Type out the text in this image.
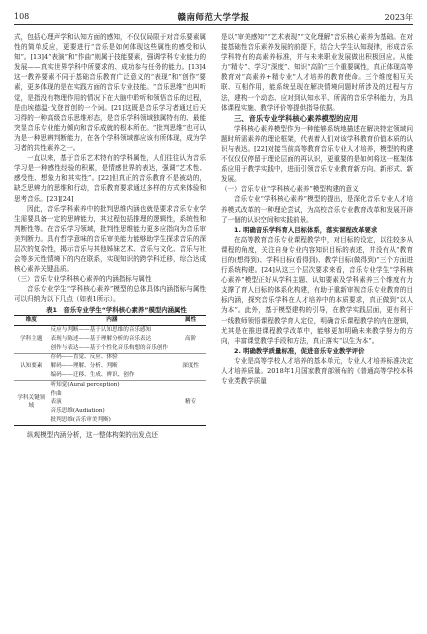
108	赣南师范大学学报	2023年

式，包括心理声学和认知方面的感知，不仅仅局限于对音乐要素属性的简单反应，更要进行“音乐是如何体现这些属性的感受和认知”。[13]4“表演”和“作曲”则属于技能要素，强调学科专业能力的发展——真实世界学科中所要求的、成功参与任务的能力。[13]4这一教养要素不同于基础音乐教育广泛意义的“表现”和“创作”要素，更多体现的是在实践方面的音乐专业技能。“音乐思维”也叫听觉，是指没有物理作用的情况下在大脑中聆听和领悟音乐的过程，是由埃德温·戈登首创的一个词。[21]这既是音乐学习者通过后天习得的一种高级音乐思维形态，是音乐学科领域独属特有的、最能突显音乐专业能力倾向和音乐成就的根本所在。“批判思维”也可认为是一种思辨判断能力，在各个学科领域都应该有所体现，成为学习者的共性素养之一。

一直以来，基于音乐艺术特有的学科属性，人们往往认为音乐学习是一种感性经验的积累，是情感世界的表达，强调“艺术性、感受性、想象力和其实性”。[22]但真正的音乐教育不是被动的，缺乏思辨力的思维和行动，音乐教育要求通过多样的方式来体验和思考音乐。[23][24]

因此，音乐学科素养中的批判思维内涵也就是要求音乐专业学生需要具备一定的思辨能力，其过程包括推理的逻辑性，系统性和判断性等。在音乐学习领域，批判性思维能力更多应指向为音乐审美判断力。具有哲学意味的音乐审美能力能够助学生探求音乐的深层次的复杂性，揭示音乐与其他姊妹艺术、音乐与文化、音乐与社会等多元性情境下的内在联系，实现知识的跨学科迁移，综合达成核心素养关键品质。

（三）音乐专业学科核心素养的内涵指标与属性

音乐专业学生“学科核心素养”模型的总体具体内涵指标与属性可以归纳为以下几点（如表1所示）。

表1　音乐专业学生“学科核心素养”模型内涵属性

维度	内涵	属性
学科主题	反应与判断——基于认知思维的音乐感知	高阶
	表现与陈述——基于理解分析的音乐表达	
	创作与表达——基于个性化音乐构想的音乐创作	
认知要素	存码——直觉、反应、体验	深度性
	解码——理解、分析、判断	
	编码——迁移、生成、辨识、创作	
学科关键领域	听知觉(Aural perception)	精专
	作曲	
	表演	
	音乐思维(Audiation)	
	批判思维(音乐审美判断)	

纵观模型内涵分析，这一整体构架的出发点还

是以“审美感知”“艺术表现”“文化理解”音乐核心素养为基础。在对接基础性音乐素养发展的前提下，结合大学生认知现律，形成音乐学科特有的高素养标准，并与未来职业发展做出积极回应。从能力“精专”、学习“深度”、知识“高阶”三个重要属性，真正体现高等教育对“高素养+精专业”人才培养的教育使命。三个维度相互关联、互相作用，能系统呈现在解决情境问题时所涉及的过程与方法，建构一个动态、应对到认知水平、所需的音乐学科能力，为具体课程实施、教学评价等提供指导依据。

三、音乐专业学科核心素养模型的应用

学科核心素养模型作为一种能够系统地描述在解决特定领域问题时所需素养的理论框架，代表着人们对该学科教育价值本质的认识与表达。[22]对接当前高等教育音乐专业人才培养，模型的构建不仅仅仅停留于理论层面的再认识，更重要的是如何将这一框架体系应用于教学实践中，进而引领音乐专业教育新方向、新形式、新发展。

（一）音乐专业“学科核心素养”模型构建的意义

音乐专业“学科核心素养”模型的提出，是深化音乐专业人才培养模式改革的一种理论尝试，为高校音乐专业教育改革和发展开辟了一個的认识空间和实践前景。

1. 明确音乐学科育人目标体系，落实课程改革要求

在高等教育音乐专业课程教学中，对目标的设定，以往较多从课程的角度，关注自身专业内容知识目标的表述，并没有从“教育目的(想得到)、学科目标(看得到)、教学目标(做得到)”三个方面进行系统构建。[24]从这三个层次要求来看，音乐专业学生“学科核心素养”模型正好从学科主题、认知要素及学科素养三个维度有力支撑了育人目标的体系化构建，有助于重新审视音乐专业教育的目标内涵，探究音乐学科在人才培养中的本质要求，真正做到“以人为本”。此外，基于模型建构的引导，在教学实践层面，更有利于一线教师领悟课程教学育人定位，明确音乐课程教学的内在逻辑，尤其是在推进课程教学改革中，能够更加明确未来教学努力的方向，丰富课堂教学手段和方法，真正落实“以生为本”。

2. 明确教学质量标准，促进音乐专业教学评价

专业是高等学校人才培养的基本单元，专业人才培养标准决定人才培养质量。2018年1月国家教育部颁布的《普通高等学校本科专业类教学质量
